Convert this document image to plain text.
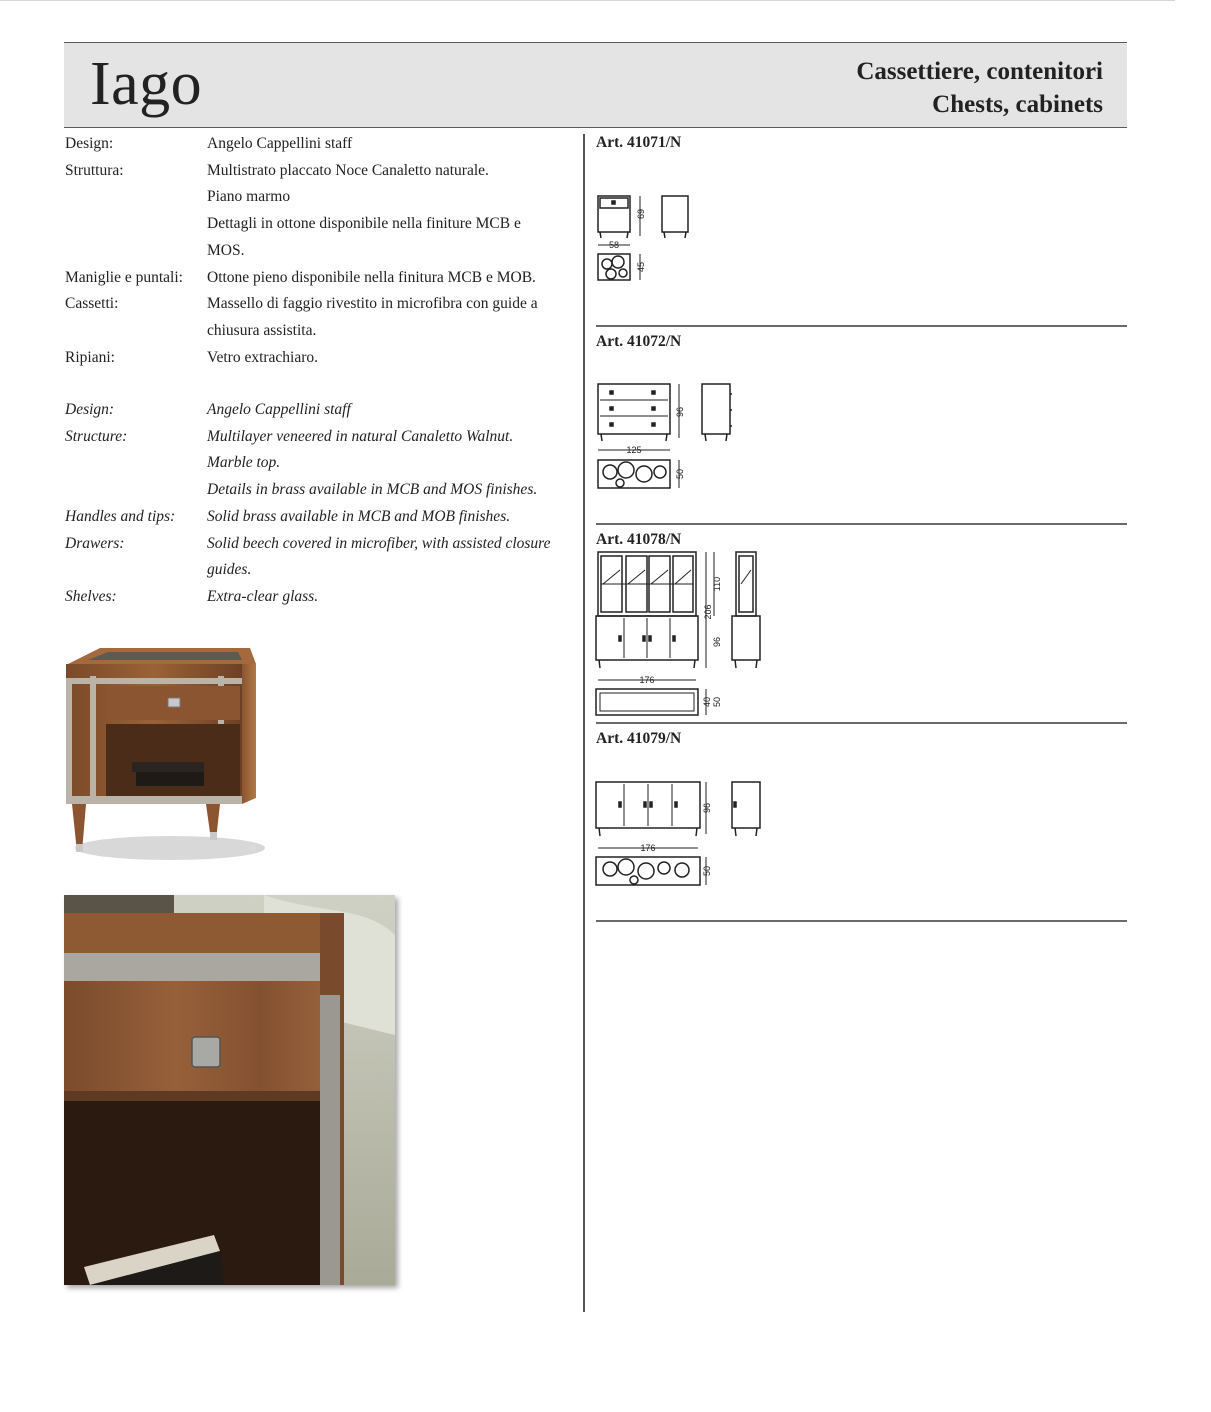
Iago	Cassettiere, contenitori
Chests, cabinets
Design:	Angelo Cappellini staff
Struttura:	Multistrato placcato Noce Canaletto naturale.
Piano marmo
Dettagli in ottone disponibile nella finiture MCB e
MOS.
Maniglie e puntali:	Ottone pieno disponibile nella finitura MCB e MOB.
Cassetti:	Massello di faggio rivestito in microfibra con guide a
chiusura assistita.
Ripiani:	Vetro extrachiaro.
Design:	Angelo Cappellini staff
Structure:	Multilayer veneered in natural Canaletto Walnut.
Marble top.
Details in brass available in MCB and MOS finishes.
Handles and tips:	Solid brass available in MCB and MOB finishes.
Drawers:	Solid beech covered in microfiber, with assisted closure
guides.
Shelves:	Extra-clear glass.
Art. 41071/N
69
58
45
Art. 41072/N
96
125
50
Art. 41078/N
206
110
96
176
40 50
Art. 41079/N
96
176
50
